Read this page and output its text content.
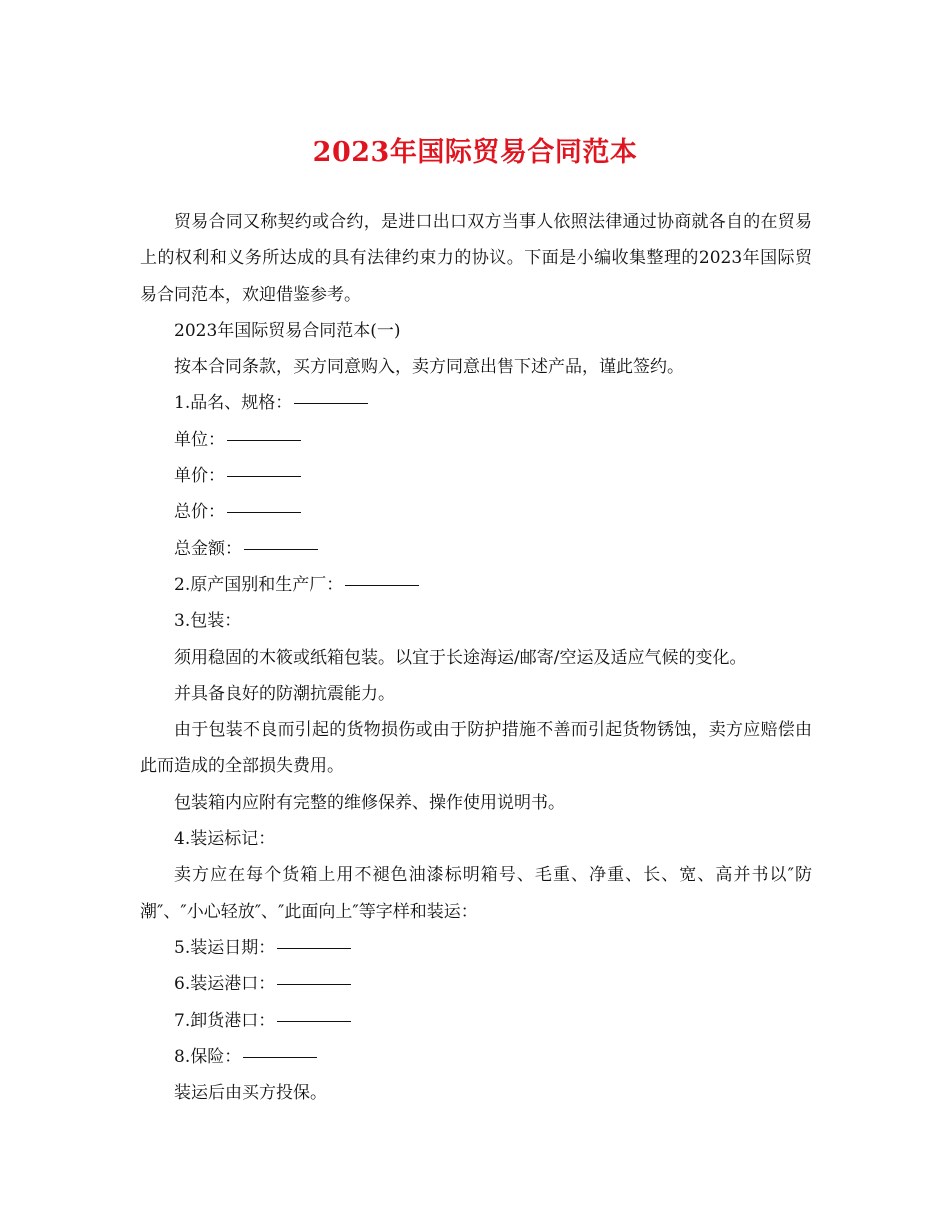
2023年国际贸易合同范本

贸易合同又称契约或合约，是进口出口双方当事人依照法律通过协商就各自的在贸易上的权利和义务所达成的具有法律约束力的协议。下面是小编收集整理的2023年国际贸易合同范本，欢迎借鉴参考。

2023年国际贸易合同范本(一)

按本合同条款，买方同意购入，卖方同意出售下述产品，谨此签约。

1.品名、规格：

单位：

单价：

总价：

总金额：

2.原产国别和生产厂：

3.包装：

须用稳固的木筱或纸箱包装。以宜于长途海运/邮寄/空运及适应气候的变化。

并具备良好的防潮抗震能力。

由于包装不良而引起的货物损伤或由于防护措施不善而引起货物锈蚀，卖方应赔偿由此而造成的全部损失费用。

包装箱内应附有完整的维修保养、操作使用说明书。

4.装运标记：

卖方应在每个货箱上用不褪色油漆标明箱号、毛重、净重、长、宽、高并书以″防潮″、″小心轻放″、″此面向上″等字样和装运：

5.装运日期：

6.装运港口：

7.卸货港口：

8.保险：

装运后由买方投保。
